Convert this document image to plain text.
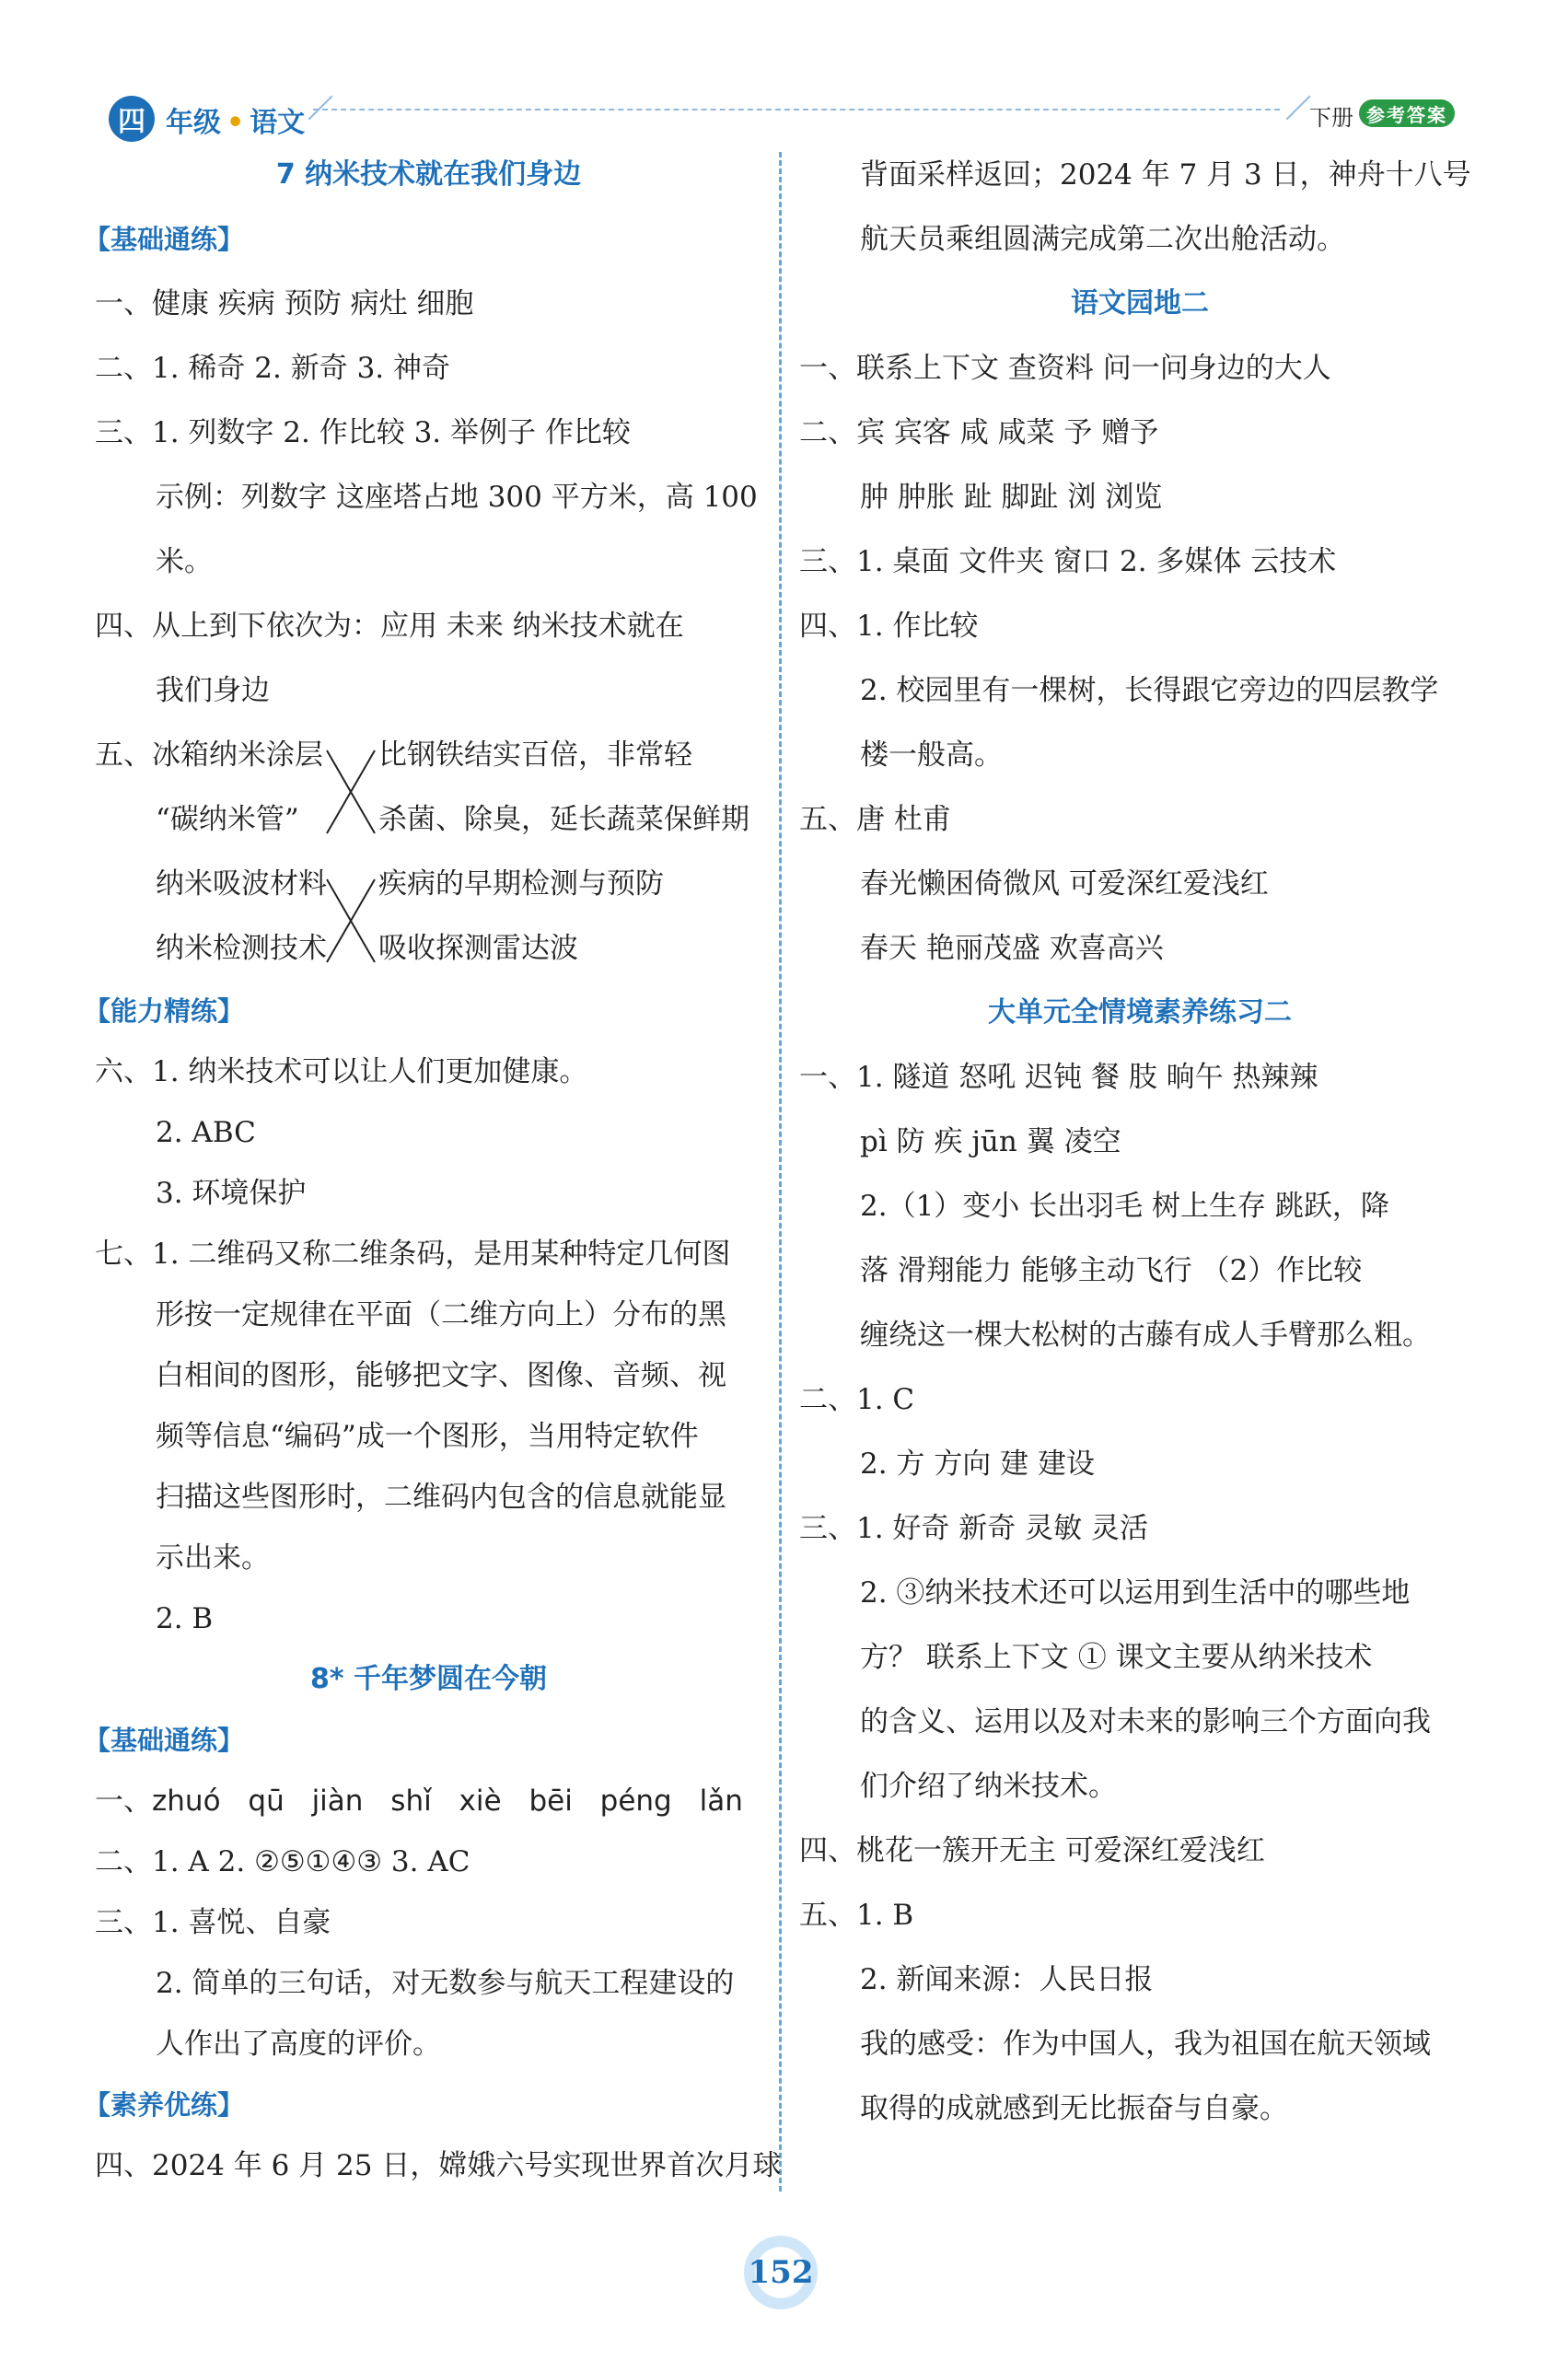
四 年级 • 语文	下册 参考答案
7 纳米技术就在我们身边
【基础通练】
一、健康 疾病 预防 病灶 细胞
二、1. 稀奇 2. 新奇 3. 神奇
三、1. 列数字 2. 作比较 3. 举例子 作比较
示例：列数字 这座塔占地 300 平方米，高 100
米。
四、从上到下依次为：应用 未来 纳米技术就在
我们身边
五、冰箱纳米涂层 比钢铁结实百倍，非常轻
“碳纳米管”	杀菌、除臭，延长蔬菜保鲜期
纳米吸波材料 疾病的早期检测与预防
纳米检测技术 吸收探测雷达波
【能力精练】
六、1. 纳米技术可以让人们更加健康。
2. ABC
3. 环境保护
七、1. 二维码又称二维条码，是用某种特定几何图
形按一定规律在平面（二维方向上）分布的黑
白相间的图形，能够把文字、图像、音频、视
频等信息“编码”成一个图形，当用特定软件
扫描这些图形时，二维码内包含的信息就能显
示出来。
2. B
8* 千年梦圆在今朝
【基础通练】
一、zhuó qū jiàn shǐ xiè bēi péng lǎn
二、1. A 2. ②⑤①④③ 3. AC
三、1. 喜悦、自豪
2. 简单的三句话，对无数参与航天工程建设的
人作出了高度的评价。
【素养优练】
四、2024 年 6 月 25 日，嫦娥六号实现世界首次月球
背面采样返回；2024 年 7 月 3 日，神舟十八号
航天员乘组圆满完成第二次出舱活动。
语文园地二
一、联系上下文 查资料 问一问身边的大人
二、宾 宾客 咸 咸菜 予 赠予
肿 肿胀 趾 脚趾 浏 浏览
三、1. 桌面 文件夹 窗口 2. 多媒体 云技术
四、1. 作比较
2. 校园里有一棵树，长得跟它旁边的四层教学
楼一般高。
五、唐 杜甫
春光懒困倚微风 可爱深红爱浅红
春天 艳丽茂盛 欢喜高兴
大单元全情境素养练习二
一、1. 隧道 怒吼 迟钝 餐 肢 晌午 热辣辣
pì 防 疾 jūn 翼 凌空
2.（1）变小 长出羽毛 树上生存 跳跃，降
落 滑翔能力 能够主动飞行 （2）作比较
缠绕这一棵大松树的古藤有成人手臂那么粗。
二、1. C
2. 方 方向 建 建设
三、1. 好奇 新奇 灵敏 灵活
2. ③纳米技术还可以运用到生活中的哪些地
方？ 联系上下文 ① 课文主要从纳米技术
的含义、运用以及对未来的影响三个方面向我
们介绍了纳米技术。
四、桃花一簇开无主 可爱深红爱浅红
五、1. B
2. 新闻来源：人民日报
我的感受：作为中国人，我为祖国在航天领域
取得的成就感到无比振奋与自豪。
152
